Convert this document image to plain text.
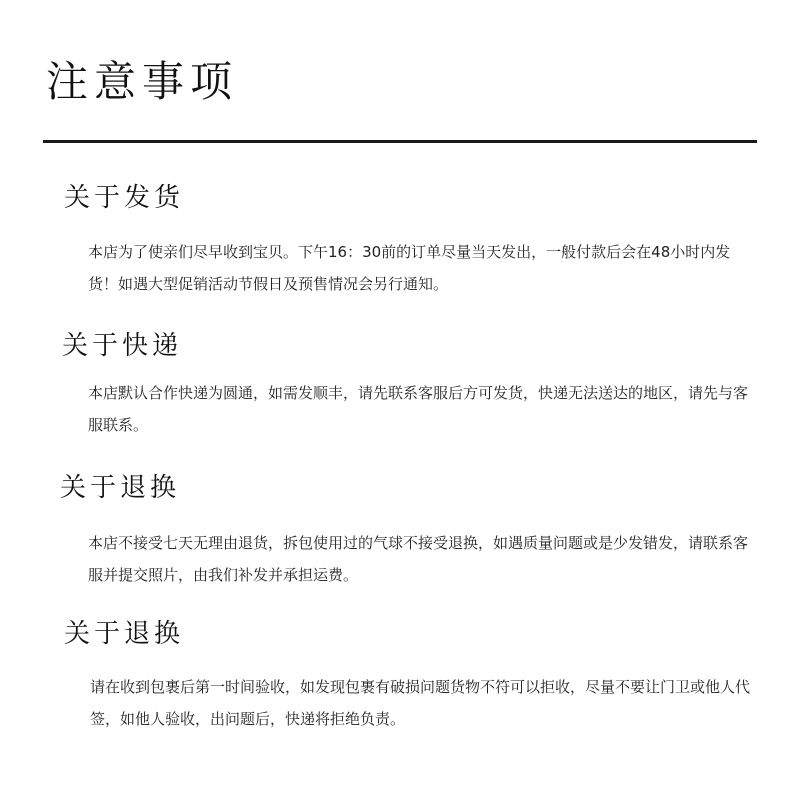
注意事项
关于发货
本店为了使亲们尽早收到宝贝。下午16：30前的订单尽量当天发出，一般付款后会在48小时内发货！如遇大型促销活动节假日及预售情况会另行通知。
关于快递
本店默认合作快递为圆通，如需发顺丰，请先联系客服后方可发货，快递无法送达的地区，请先与客服联系。
关于退换
本店不接受七天无理由退货，拆包使用过的气球不接受退换，如遇质量问题或是少发错发，请联系客服并提交照片，由我们补发并承担运费。
关于退换
请在收到包裹后第一时间验收，如发现包裹有破损问题货物不符可以拒收，尽量不要让门卫或他人代签，如他人验收，出问题后，快递将拒绝负责。
